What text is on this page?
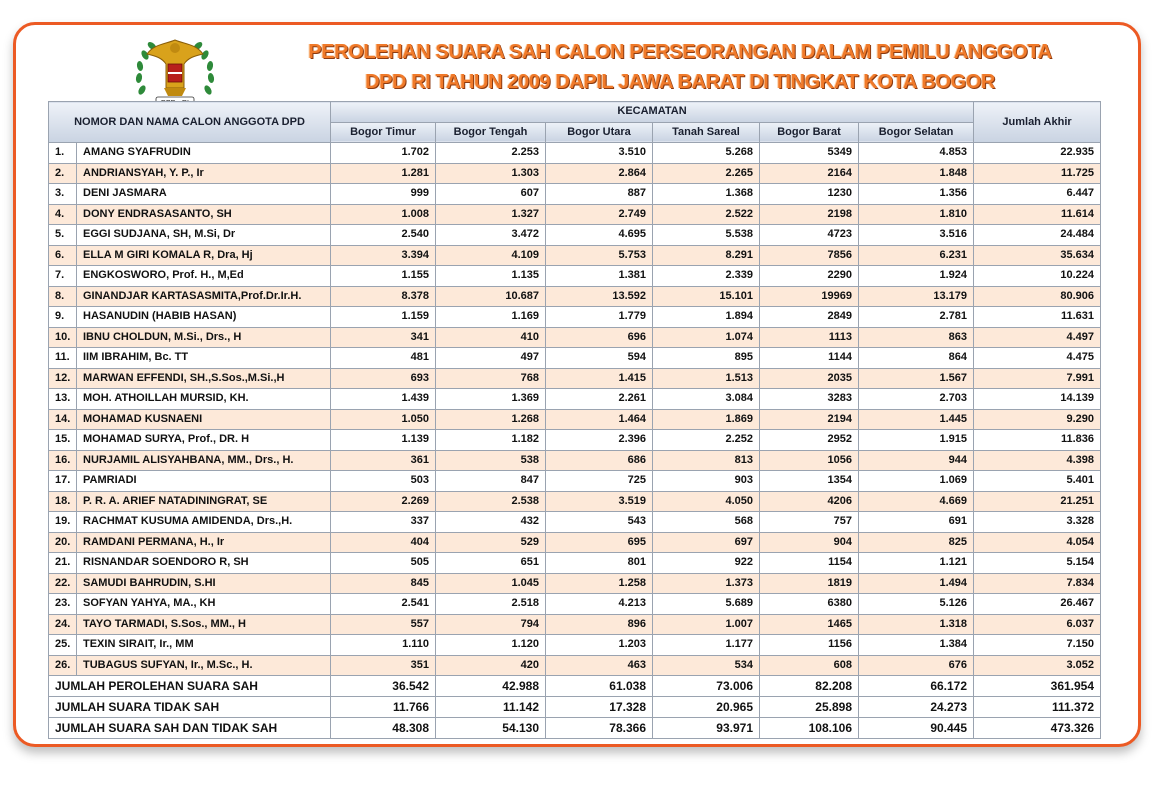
PEROLEHAN SUARA SAH CALON PERSEORANGAN DALAM PEMILU ANGGOTA
DPD RI TAHUN 2009 DAPIL JAWA BARAT DI TINGKAT KOTA BOGOR
NOMOR DAN NAMA CALON ANGGOTA DPD		KECAMATAN						Jumlah Akhir
		Bogor Timur	Bogor Tengah	Bogor Utara	Tanah Sareal	Bogor Barat	Bogor Selatan	
1.	AMANG SYAFRUDIN	1.702	2.253	3.510	5.268	5349	4.853	22.935
2.	ANDRIANSYAH, Y. P., Ir	1.281	1.303	2.864	2.265	2164	1.848	11.725
3.	DENI JASMARA	999	607	887	1.368	1230	1.356	6.447
4.	DONY ENDRASASANTO, SH	1.008	1.327	2.749	2.522	2198	1.810	11.614
5.	EGGI SUDJANA, SH, M.Si, Dr	2.540	3.472	4.695	5.538	4723	3.516	24.484
6.	ELLA M GIRI KOMALA R, Dra, Hj	3.394	4.109	5.753	8.291	7856	6.231	35.634
7.	ENGKOSWORO, Prof. H., M,Ed	1.155	1.135	1.381	2.339	2290	1.924	10.224
8.	GINANDJAR KARTASASMITA,Prof.Dr.Ir.H.	8.378	10.687	13.592	15.101	19969	13.179	80.906
9.	HASANUDIN (HABIB HASAN)	1.159	1.169	1.779	1.894	2849	2.781	11.631
10.	IBNU CHOLDUN, M.Si., Drs., H	341	410	696	1.074	1113	863	4.497
11.	IIM IBRAHIM, Bc. TT	481	497	594	895	1144	864	4.475
12.	MARWAN EFFENDI, SH.,S.Sos.,M.Si.,H	693	768	1.415	1.513	2035	1.567	7.991
13.	MOH. ATHOILLAH MURSID, KH.	1.439	1.369	2.261	3.084	3283	2.703	14.139
14.	MOHAMAD KUSNAENI	1.050	1.268	1.464	1.869	2194	1.445	9.290
15.	MOHAMAD SURYA, Prof., DR. H	1.139	1.182	2.396	2.252	2952	1.915	11.836
16.	NURJAMIL ALISYAHBANA, MM., Drs., H.	361	538	686	813	1056	944	4.398
17.	PAMRIADI	503	847	725	903	1354	1.069	5.401
18.	P. R. A. ARIEF NATADININGRAT, SE	2.269	2.538	3.519	4.050	4206	4.669	21.251
19.	RACHMAT KUSUMA AMIDENDA, Drs.,H.	337	432	543	568	757	691	3.328
20.	RAMDANI PERMANA, H., Ir	404	529	695	697	904	825	4.054
21.	RISNANDAR SOENDORO R, SH	505	651	801	922	1154	1.121	5.154
22.	SAMUDI BAHRUDIN, S.HI	845	1.045	1.258	1.373	1819	1.494	7.834
23.	SOFYAN YAHYA, MA., KH	2.541	2.518	4.213	5.689	6380	5.126	26.467
24.	TAYO TARMADI, S.Sos., MM., H	557	794	896	1.007	1465	1.318	6.037
25.	TEXIN SIRAIT, Ir., MM	1.110	1.120	1.203	1.177	1156	1.384	7.150
26.	TUBAGUS SUFYAN, Ir., M.Sc., H.	351	420	463	534	608	676	3.052
JUMLAH PEROLEHAN SUARA SAH		36.542	42.988	61.038	73.006	82.208	66.172	361.954
JUMLAH SUARA TIDAK SAH		11.766	11.142	17.328	20.965	25.898	24.273	111.372
JUMLAH SUARA SAH DAN TIDAK SAH		48.308	54.130	78.366	93.971	108.106	90.445	473.326
